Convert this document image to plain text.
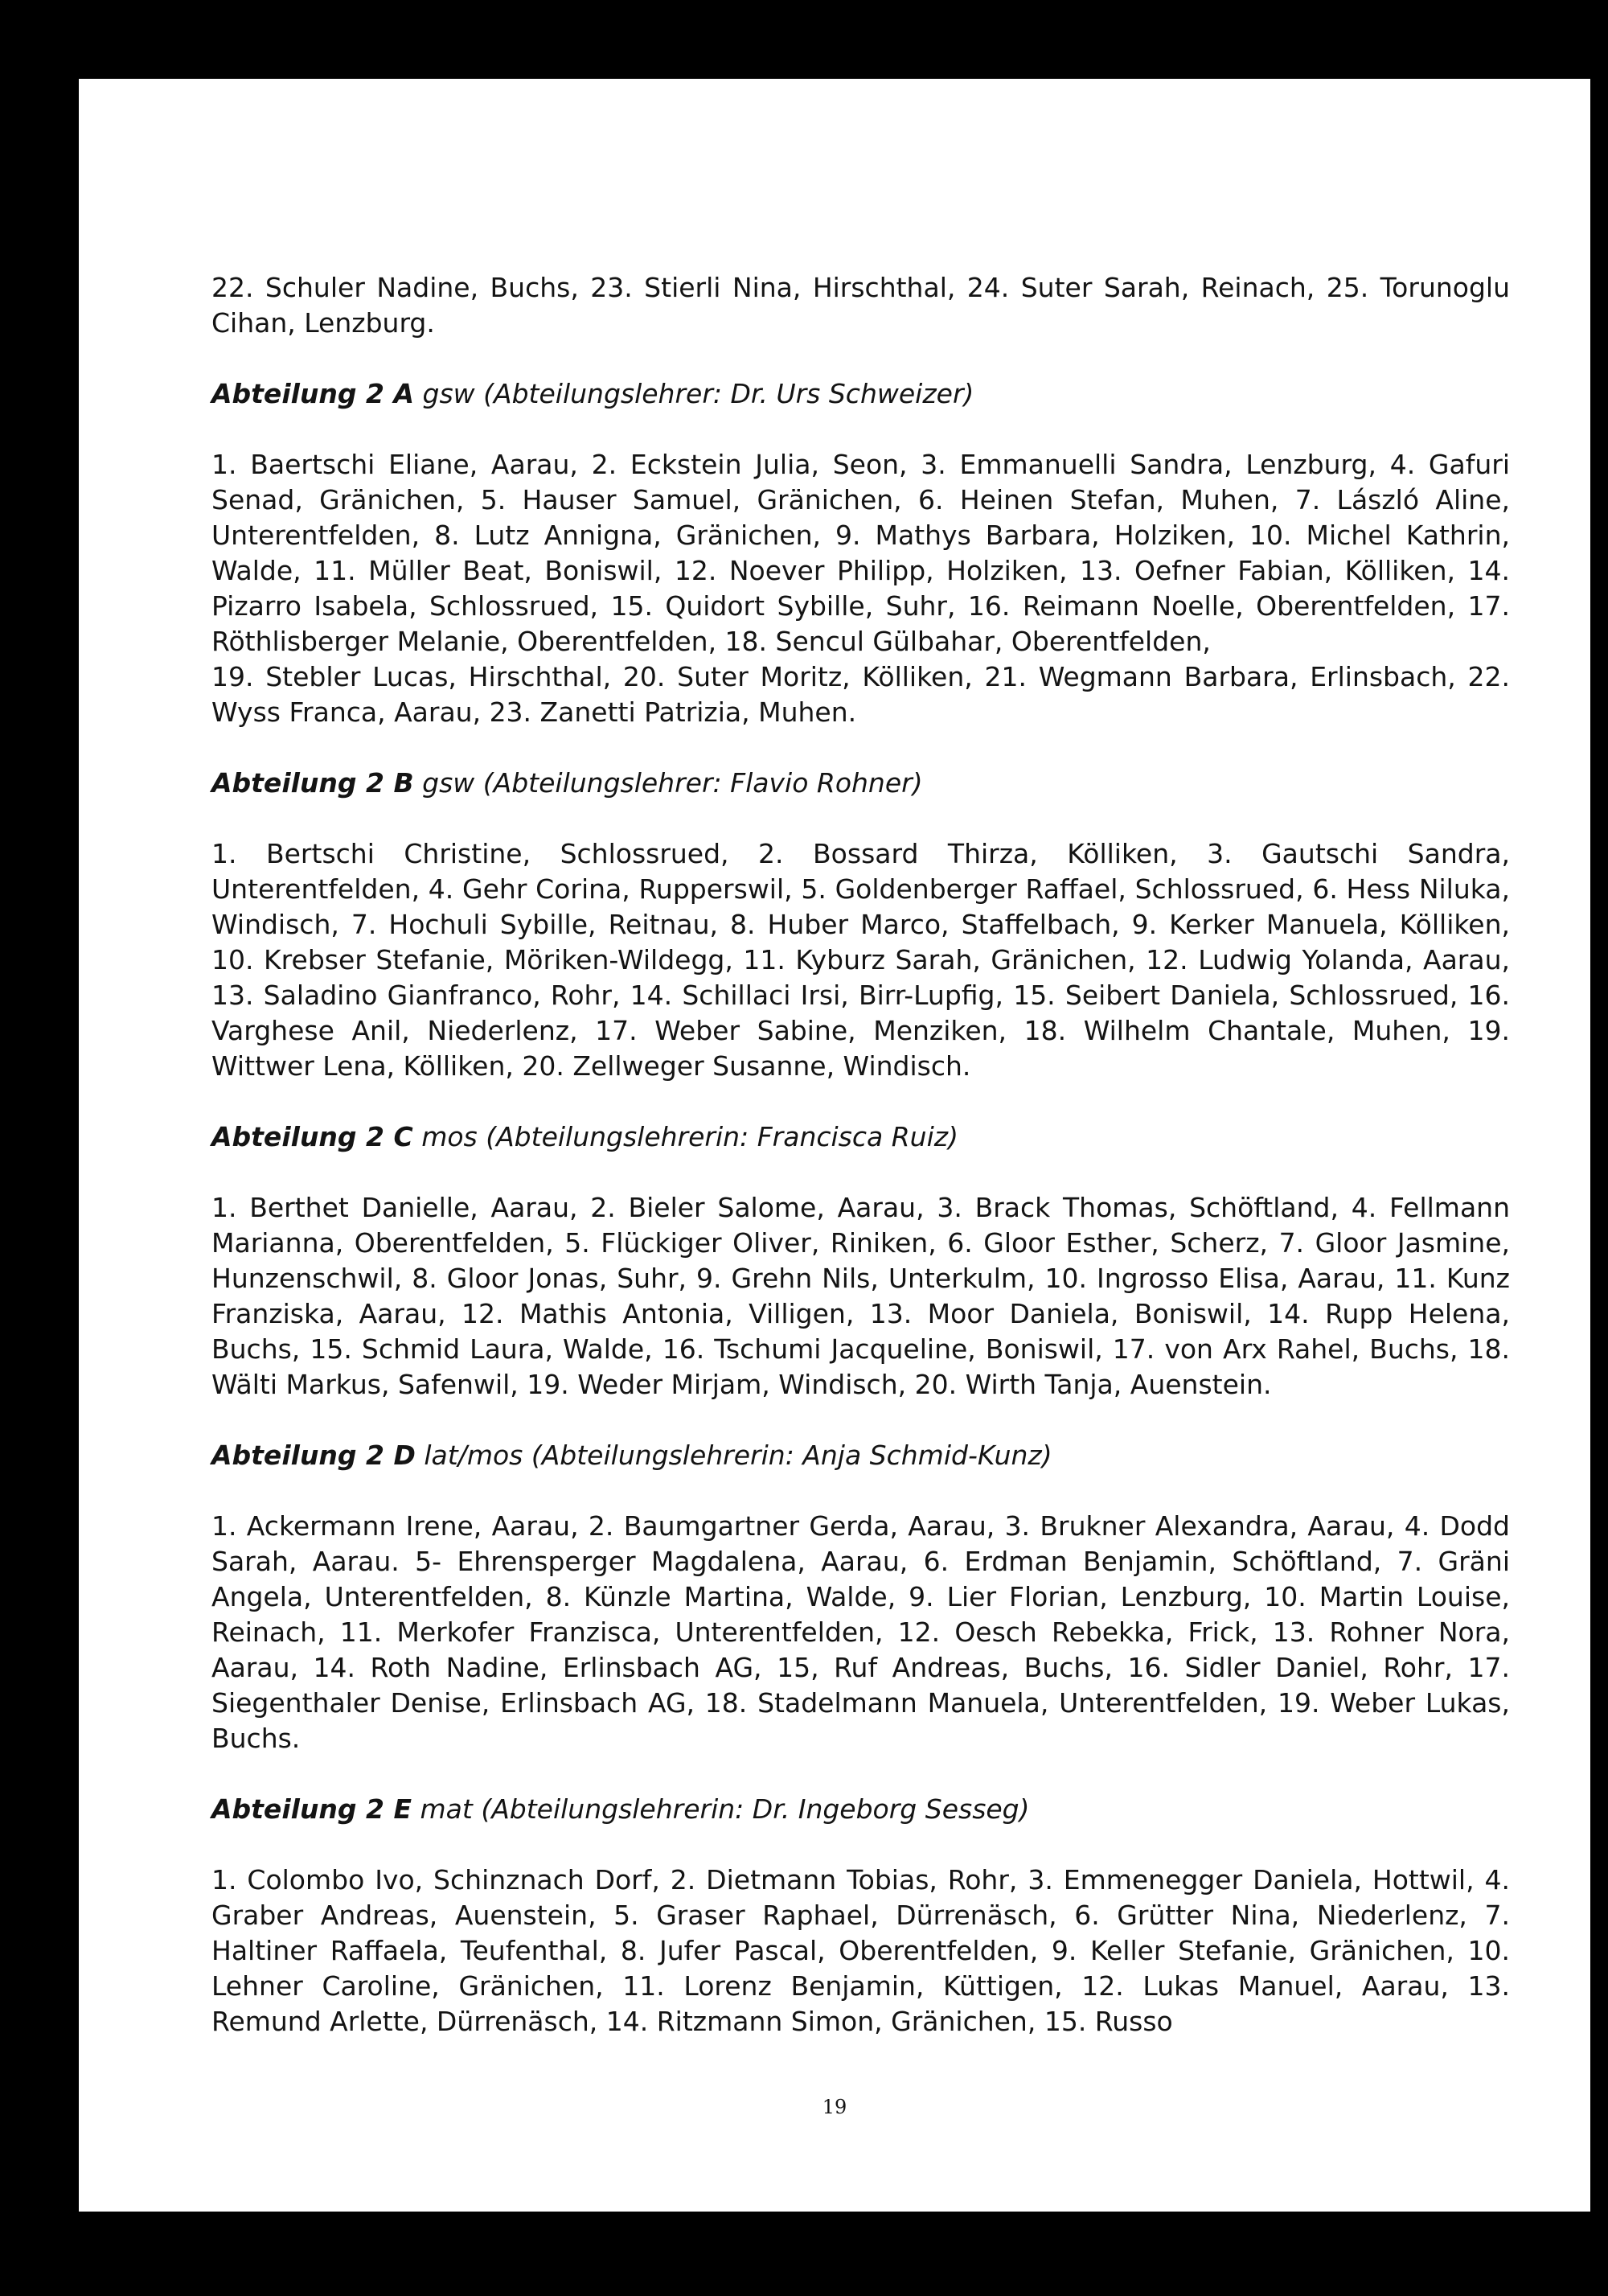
22. Schuler Nadine, Buchs, 23. Stierli Nina, Hirschthal, 24. Suter Sarah, Reinach, 25. Torunoglu Cihan, Lenzburg.

Abteilung 2 A gsw (Abteilungslehrer: Dr. Urs Schweizer)

1. Baertschi Eliane, Aarau, 2. Eckstein Julia, Seon, 3. Emmanuelli Sandra, Lenzburg, 4. Gafuri Senad, Gränichen, 5. Hauser Samuel, Gränichen, 6. Heinen Stefan, Muhen, 7. László Aline, Unterentfelden, 8. Lutz Annigna, Gränichen, 9. Mathys Barbara, Holziken, 10. Michel Kathrin, Walde, 11. Müller Beat, Boniswil, 12. Noever Philipp, Holziken, 13. Oefner Fabian, Kölliken, 14. Pizarro Isabela, Schlossrued, 15. Quidort Sybille, Suhr, 16. Reimann Noelle, Oberentfelden, 17. Röthlisberger Melanie, Oberentfelden, 18. Sencul Gülbahar, Oberentfelden,

19. Stebler Lucas, Hirschthal, 20. Suter Moritz, Kölliken, 21. Wegmann Barbara, Erlinsbach, 22. Wyss Franca, Aarau, 23. Zanetti Patrizia, Muhen.

Abteilung 2 B gsw (Abteilungslehrer: Flavio Rohner)

1. Bertschi Christine, Schlossrued, 2. Bossard Thirza, Kölliken, 3. Gautschi Sandra, Unterentfelden, 4. Gehr Corina, Rupperswil, 5. Goldenberger Raffael, Schlossrued, 6. Hess Niluka, Windisch, 7. Hochuli Sybille, Reitnau, 8. Huber Marco, Staffelbach, 9. Kerker Manuela, Kölliken, 10. Krebser Stefanie, Möriken-Wildegg, 11. Kyburz Sarah, Gränichen, 12. Ludwig Yolanda, Aarau, 13. Saladino Gianfranco, Rohr, 14. Schillaci Irsi, Birr-Lupfig, 15. Seibert Daniela, Schlossrued, 16. Varghese Anil, Niederlenz, 17. Weber Sabine, Menziken, 18. Wilhelm Chantale, Muhen, 19. Wittwer Lena, Kölliken, 20. Zellweger Susanne, Windisch.

Abteilung 2 C mos (Abteilungslehrerin: Francisca Ruiz)

1. Berthet Danielle, Aarau, 2. Bieler Salome, Aarau, 3. Brack Thomas, Schöftland, 4. Fellmann Marianna, Oberentfelden, 5. Flückiger Oliver, Riniken, 6. Gloor Esther, Scherz, 7. Gloor Jasmine, Hunzenschwil, 8. Gloor Jonas, Suhr, 9. Grehn Nils, Unterkulm, 10. Ingrosso Elisa, Aarau, 11. Kunz Franziska, Aarau, 12. Mathis Antonia, Villigen, 13. Moor Daniela, Boniswil, 14. Rupp Helena, Buchs, 15. Schmid Laura, Walde, 16. Tschumi Jacqueline, Boniswil, 17. von Arx Rahel, Buchs, 18. Wälti Markus, Safenwil, 19. Weder Mirjam, Windisch, 20. Wirth Tanja, Auenstein.

Abteilung 2 D lat/mos (Abteilungslehrerin: Anja Schmid-Kunz)

1. Ackermann Irene, Aarau, 2. Baumgartner Gerda, Aarau, 3. Brukner Alexandra, Aarau, 4. Dodd Sarah, Aarau. 5- Ehrensperger Magdalena, Aarau, 6. Erdman Benjamin, Schöftland, 7. Gräni Angela, Unterentfelden, 8. Künzle Martina, Walde, 9. Lier Florian, Lenzburg, 10. Martin Louise, Reinach, 11. Merkofer Franzisca, Unterentfelden, 12. Oesch Rebekka, Frick, 13. Rohner Nora, Aarau, 14. Roth Nadine, Erlinsbach AG, 15, Ruf Andreas, Buchs, 16. Sidler Daniel, Rohr, 17. Siegenthaler Denise, Erlinsbach AG, 18. Stadelmann Manuela, Unterentfelden, 19. Weber Lukas, Buchs.

Abteilung 2 E mat (Abteilungslehrerin: Dr. Ingeborg Sesseg)

1. Colombo Ivo, Schinznach Dorf, 2. Dietmann Tobias, Rohr, 3. Emmenegger Daniela, Hottwil, 4. Graber Andreas, Auenstein, 5. Graser Raphael, Dürrenäsch, 6. Grütter Nina, Niederlenz, 7. Haltiner Raffaela, Teufenthal, 8. Jufer Pascal, Oberentfelden, 9. Keller Stefanie, Gränichen, 10. Lehner Caroline, Gränichen, 11. Lorenz Benjamin, Küttigen, 12. Lukas Manuel, Aarau, 13. Remund Arlette, Dürrenäsch, 14. Ritzmann Simon, Gränichen, 15. Russo

19
